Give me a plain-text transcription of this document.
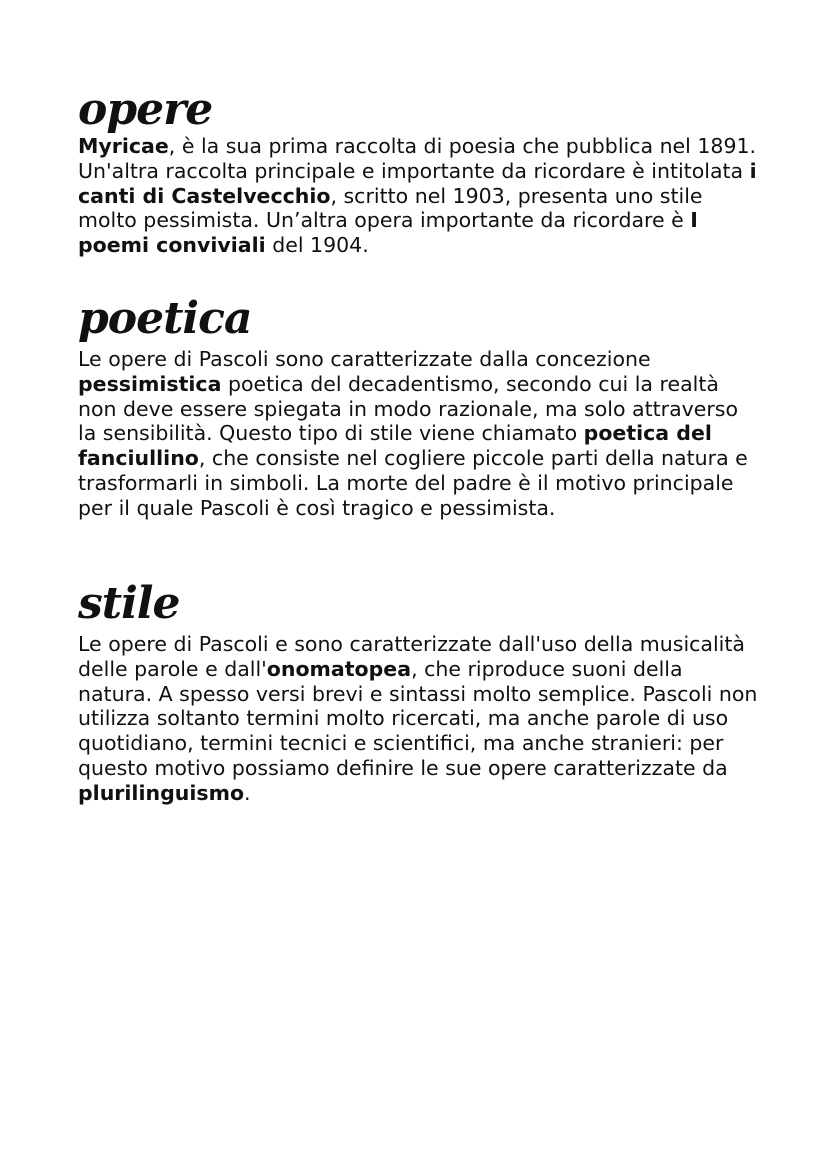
opere

Myricae, è la sua prima raccolta di poesia che pubblica nel 1891. Un'altra raccolta principale e importante da ricordare è intitolata i canti di Castelvecchio, scritto nel 1903, presenta uno stile molto pessimista. Un’altra opera importante da ricordare è I poemi conviviali del 1904.

poetica

Le opere di Pascoli sono caratterizzate dalla concezione pessimistica poetica del decadentismo, secondo cui la realtà non deve essere spiegata in modo razionale, ma solo attraverso la sensibilità. Questo tipo di stile viene chiamato poetica del fanciullino, che consiste nel cogliere piccole parti della natura e trasformarli in simboli. La morte del padre è il motivo principale per il quale Pascoli è così tragico e pessimista.

stile

Le opere di Pascoli e sono caratterizzate dall'uso della musicalità delle parole e dall'onomatopea, che riproduce suoni della natura. A spesso versi brevi e sintassi molto semplice. Pascoli non utilizza soltanto termini molto ricercati, ma anche parole di uso quotidiano, termini tecnici e scientifici, ma anche stranieri: per questo motivo possiamo definire le sue opere caratterizzate da plurilinguismo.
